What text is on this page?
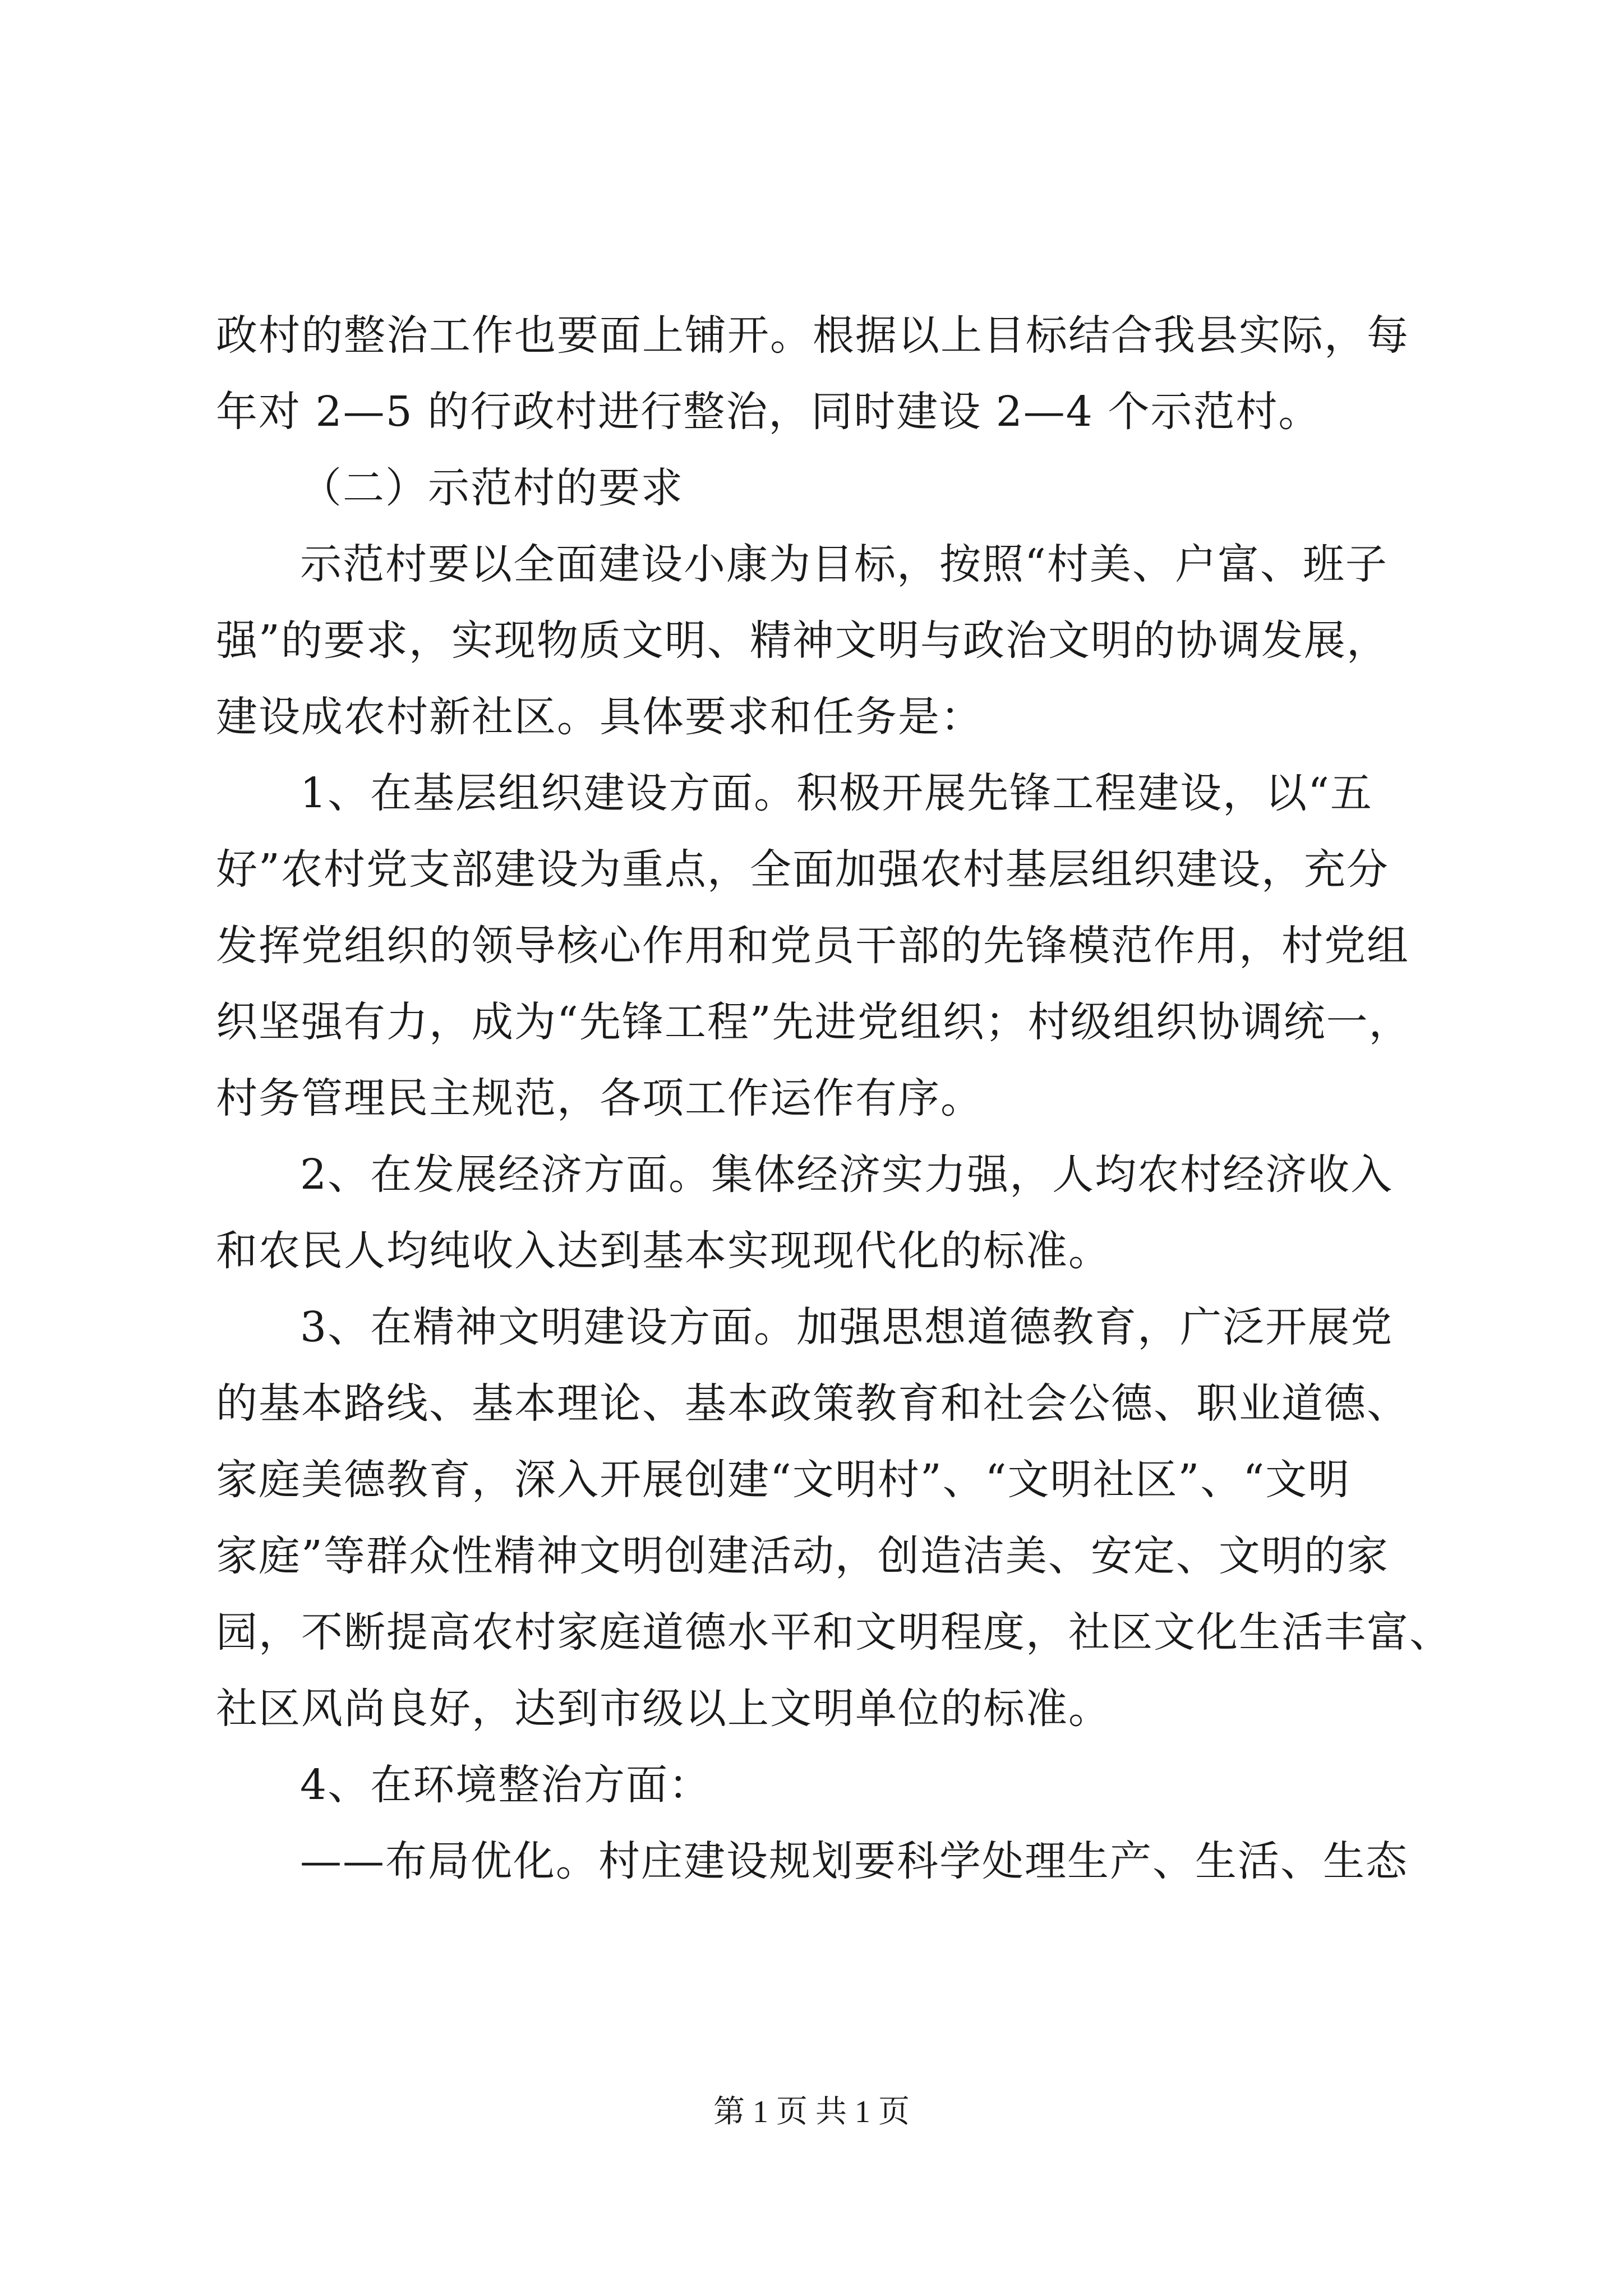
政村的整治工作也要面上铺开。根据以上目标结合我县实际，每
年对 2—5 的行政村进行整治，同时建设 2—4 个示范村。
（二）示范村的要求
示范村要以全面建设小康为目标，按照“村美、户富、班子
强”的要求，实现物质文明、精神文明与政治文明的协调发展，
建设成农村新社区。具体要求和任务是：
1、在基层组织建设方面。积极开展先锋工程建设，以“五
好”农村党支部建设为重点，全面加强农村基层组织建设，充分
发挥党组织的领导核心作用和党员干部的先锋模范作用，村党组
织坚强有力，成为“先锋工程”先进党组织；村级组织协调统一，
村务管理民主规范，各项工作运作有序。
2、在发展经济方面。集体经济实力强，人均农村经济收入
和农民人均纯收入达到基本实现现代化的标准。
3、在精神文明建设方面。加强思想道德教育，广泛开展党
的基本路线、基本理论、基本政策教育和社会公德、职业道德、
家庭美德教育，深入开展创建“文明村”、“文明社区”、“文明
家庭”等群众性精神文明创建活动，创造洁美、安定、文明的家
园，不断提高农村家庭道德水平和文明程度，社区文化生活丰富、
社区风尚良好，达到市级以上文明单位的标准。
4、在环境整治方面：
——布局优化。村庄建设规划要科学处理生产、生活、生态
第 1 页 共 1 页
